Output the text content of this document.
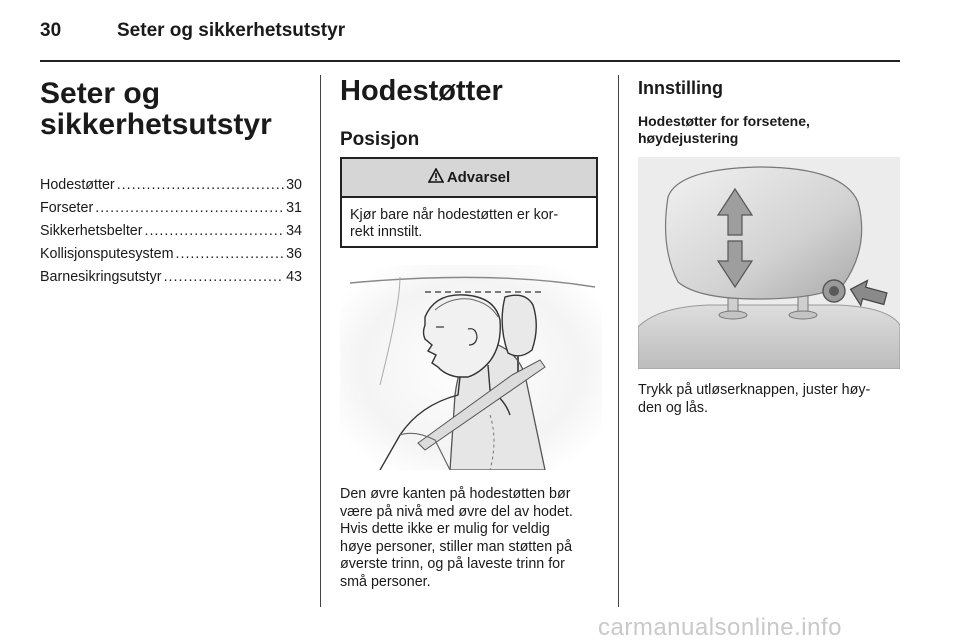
30	Seter og sikkerhetsutstyr
Seter og sikkerhetsutstyr
Hodestøtter .....	30
Forseter .....	31
Sikkerhetsbelter .....	34
Kollisjonsputesystem .....	36
Barnesikringsutstyr .....	43
Hodestøtter
Posisjon
Advarsel
Kjør bare når hodestøtten er kor-
rekt innstilt.

Den øvre kanten på hodestøtten bør
være på nivå med øvre del av hodet.
Hvis dette ikke er mulig for veldig
høye personer, stiller man støtten på
øverste trinn, og på laveste trinn for
små personer.

Innstilling
Hodestøtter for forsetene,
høydejustering

Trykk på utløserknappen, juster høy-
den og lås.

carmanualsonline.info
